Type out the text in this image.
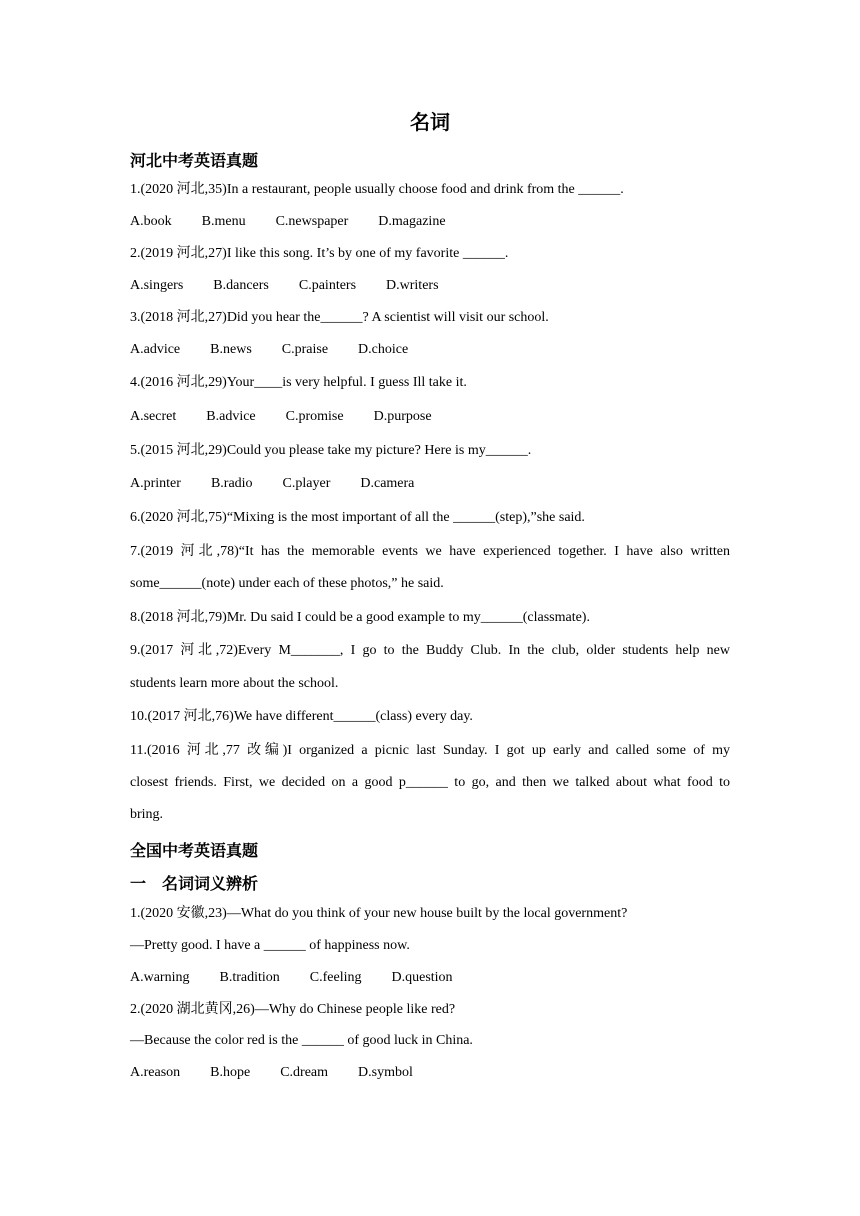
名词
河北中考英语真题
1.(2020 河北,35)In a restaurant, people usually choose food and drink from the ______.
A.book B.menu C.newspaper D.magazine
2.(2019 河北,27)I like this song. It’s by one of my favorite ______.
A.singers B.dancers C.painters D.writers
3.(2018 河北,27)Did you hear the______? A scientist will visit our school.
A.advice B.news C.praise D.choice
4.(2016 河北,29)Your____is very helpful. I guess Ill take it.
A.secret B.advice C.promise D.purpose
5.(2015 河北,29)Could you please take my picture? Here is my______.
A.printer B.radio C.player D.camera
6.(2020 河北,75)“Mixing is the most important of all the ______(step),”she said.
7.(2019 河北,78)“It has the memorable events we have experienced together. I have also written
some______(note) under each of these photos,” he said.
8.(2018 河北,79)Mr. Du said I could be a good example to my______(classmate).
9.(2017 河北,72)Every M_______, I go to the Buddy Club. In the club, older students help new
students learn more about the school.
10.(2017 河北,76)We have different______(class) every day.
11.(2016 河北,77 改编)I organized a picnic last Sunday. I got up early and called some of my
closest friends. First, we decided on a good p______ to go, and then we talked about what food to
bring.
全国中考英语真题
一　名词词义辨析
1.(2020 安徽,23)—What do you think of your new house built by the local government?
—Pretty good. I have a ______ of happiness now.
A.warning B.tradition C.feeling D.question
2.(2020 湖北黄冈,26)—Why do Chinese people like red?
—Because the color red is the ______ of good luck in China.
A.reason B.hope C.dream D.symbol
